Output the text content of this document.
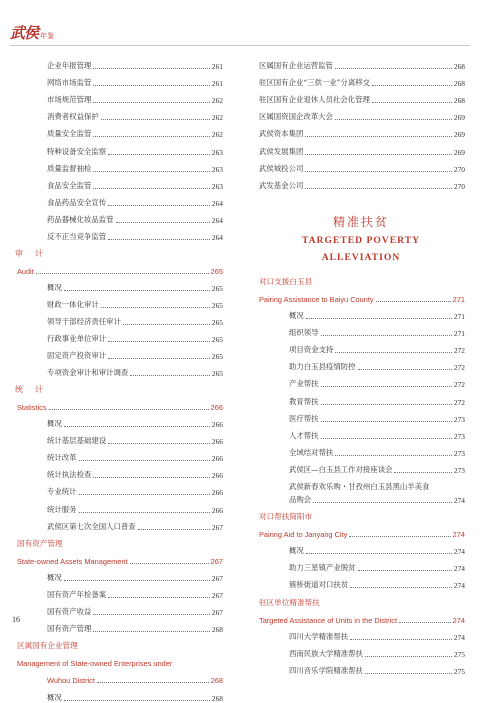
武侯 年鉴
企业年报管理	261
网络市场监管	261
市场规范管理	262
消费者权益保护	262
质量安全监管	262
特种设备安全监察	263
质量监督抽检	263
食品安全监管	263
食品药品安全宣传	264
药品器械化妆品监管	264
反不正当竞争监管	264
审　计
Audit	265
概况	265
财政一体化审计	265
领导干部经济责任审计	265
行政事业单位审计	265
固定资产投资审计	265
专项资金审计和审计调查	265
统　计
Statistics	266
概况	266
统计基层基础建设	266
统计改革	266
统计执法检查	266
专业统计	266
统计服务	266
武侯区第七次全国人口普查	267
国有资产管理
State-owned Assets Management	267
概况	267
国有资产年检备案	267
国有资产收益	267
国有资产管理	268
区属国有企业管理
Management of State-owned Enterprises under
Wuhou District	268
概况	268
区属国有企业运营监管	268
驻区国有企业“三供一业”分离移交	268
驻区国有企业退休人员社会化管理	268
区属国资国企改革大会	269
武侯资本集团	269
武侯发展集团	269
武侯城投公司	270
武发基金公司	270
精准扶贫
TARGETED POVERTY
ALLEVIATION
对口支援白玉县
Pairing Assistance to Baiyu County	271
概况	271
组织领导	271
项目资金支持	272
助力白玉县疫情防控	272
产业帮扶	272
教育帮扶	272
医疗帮扶	273
人才帮扶	273
全域结对帮扶	273
武侯区—白玉县工作对接座谈会	273
武侯新春欢乐购・甘孜州白玉县黑山羊美食
品购会	274
对口帮扶简阳市
Pairing Aid to Janyang City	274
概况	274
助力三星镇产业脱贫	274
簇桥街道对口扶贫	274
驻区单位精准帮扶
Targeted Assistance of Units in the District	274
四川大学精准帮扶	274
西南民族大学精准帮扶	275
四川音乐学院精准帮扶	275
16
